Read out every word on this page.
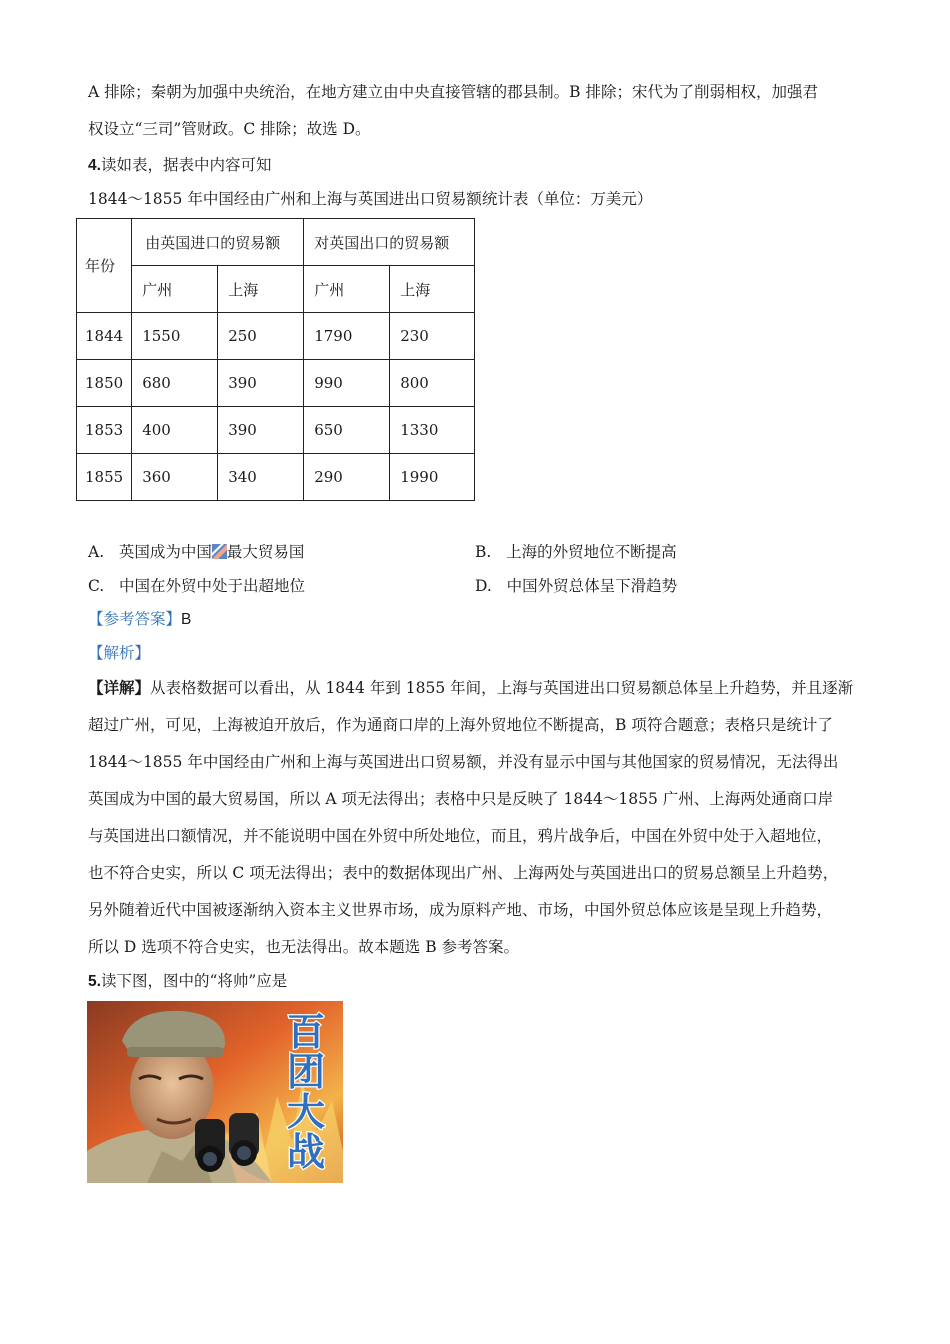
A 排除；秦朝为加强中央统治，在地方建立由中央直接管辖的郡县制。B 排除；宋代为了削弱相权，加强君
权设立“三司”管财政。C 排除；故选 D。
4.读如表，据表中内容可知
1844～1855 年中国经由广州和上海与英国进出口贸易额统计表（单位：万美元）
年份	由英国进口的贸易额		对英国出口的贸易额	
	广州	上海	广州	上海
1844	1550	250	1790	230
1850	680	390	990	800
1853	400	390	650	1330
1855	360	340	290	1990
A. 英国成为中国 最大贸易国	B. 上海的外贸地位不断提高
C. 中国在外贸中处于出超地位	D. 中国外贸总体呈下滑趋势
【参考答案】B
【解析】
【详解】从表格数据可以看出，从 1844 年到 1855 年间，上海与英国进出口贸易额总体呈上升趋势，并且逐渐
超过广州，可见，上海被迫开放后，作为通商口岸的上海外贸地位不断提高，B 项符合题意；表格只是统计了
1844～1855 年中国经由广州和上海与英国进出口贸易额，并没有显示中国与其他国家的贸易情况，无法得出
英国成为中国的最大贸易国，所以 A 项无法得出；表格中只是反映了 1844～1855 广州、上海两处通商口岸
与英国进出口额情况，并不能说明中国在外贸中所处地位，而且，鸦片战争后，中国在外贸中处于入超地位，
也不符合史实，所以 C 项无法得出；表中的数据体现出广州、上海两处与英国进出口的贸易总额呈上升趋势，
另外随着近代中国被逐渐纳入资本主义世界市场，成为原料产地、市场，中国外贸总体应该是呈现上升趋势，
所以 D 选项不符合史实，也无法得出。故本题选 B 参考答案。
5.读下图，图中的“将帅”应是
百
团
大
战
